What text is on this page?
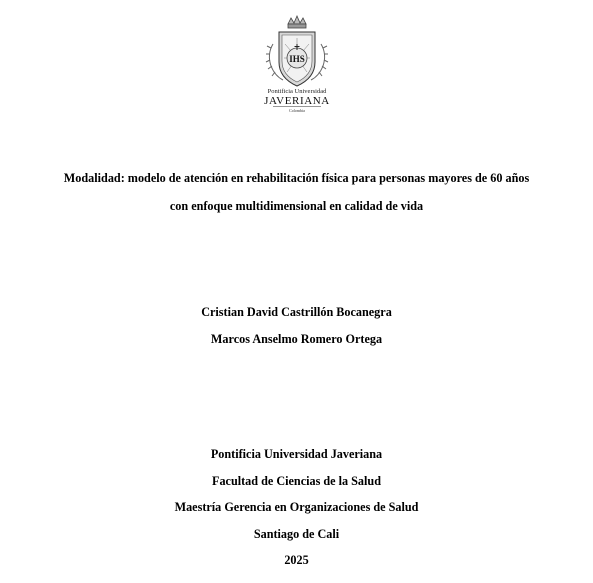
IHS
Pontificia Universidad
JAVERIANA
Colombia
Modalidad: modelo de atención en rehabilitación física para personas mayores de 60 años
con enfoque multidimensional en calidad de vida
Cristian David Castrillón Bocanegra
Marcos Anselmo Romero Ortega
Pontificia Universidad Javeriana
Facultad de Ciencias de la Salud
Maestría Gerencia en Organizaciones de Salud
Santiago de Cali
2025
